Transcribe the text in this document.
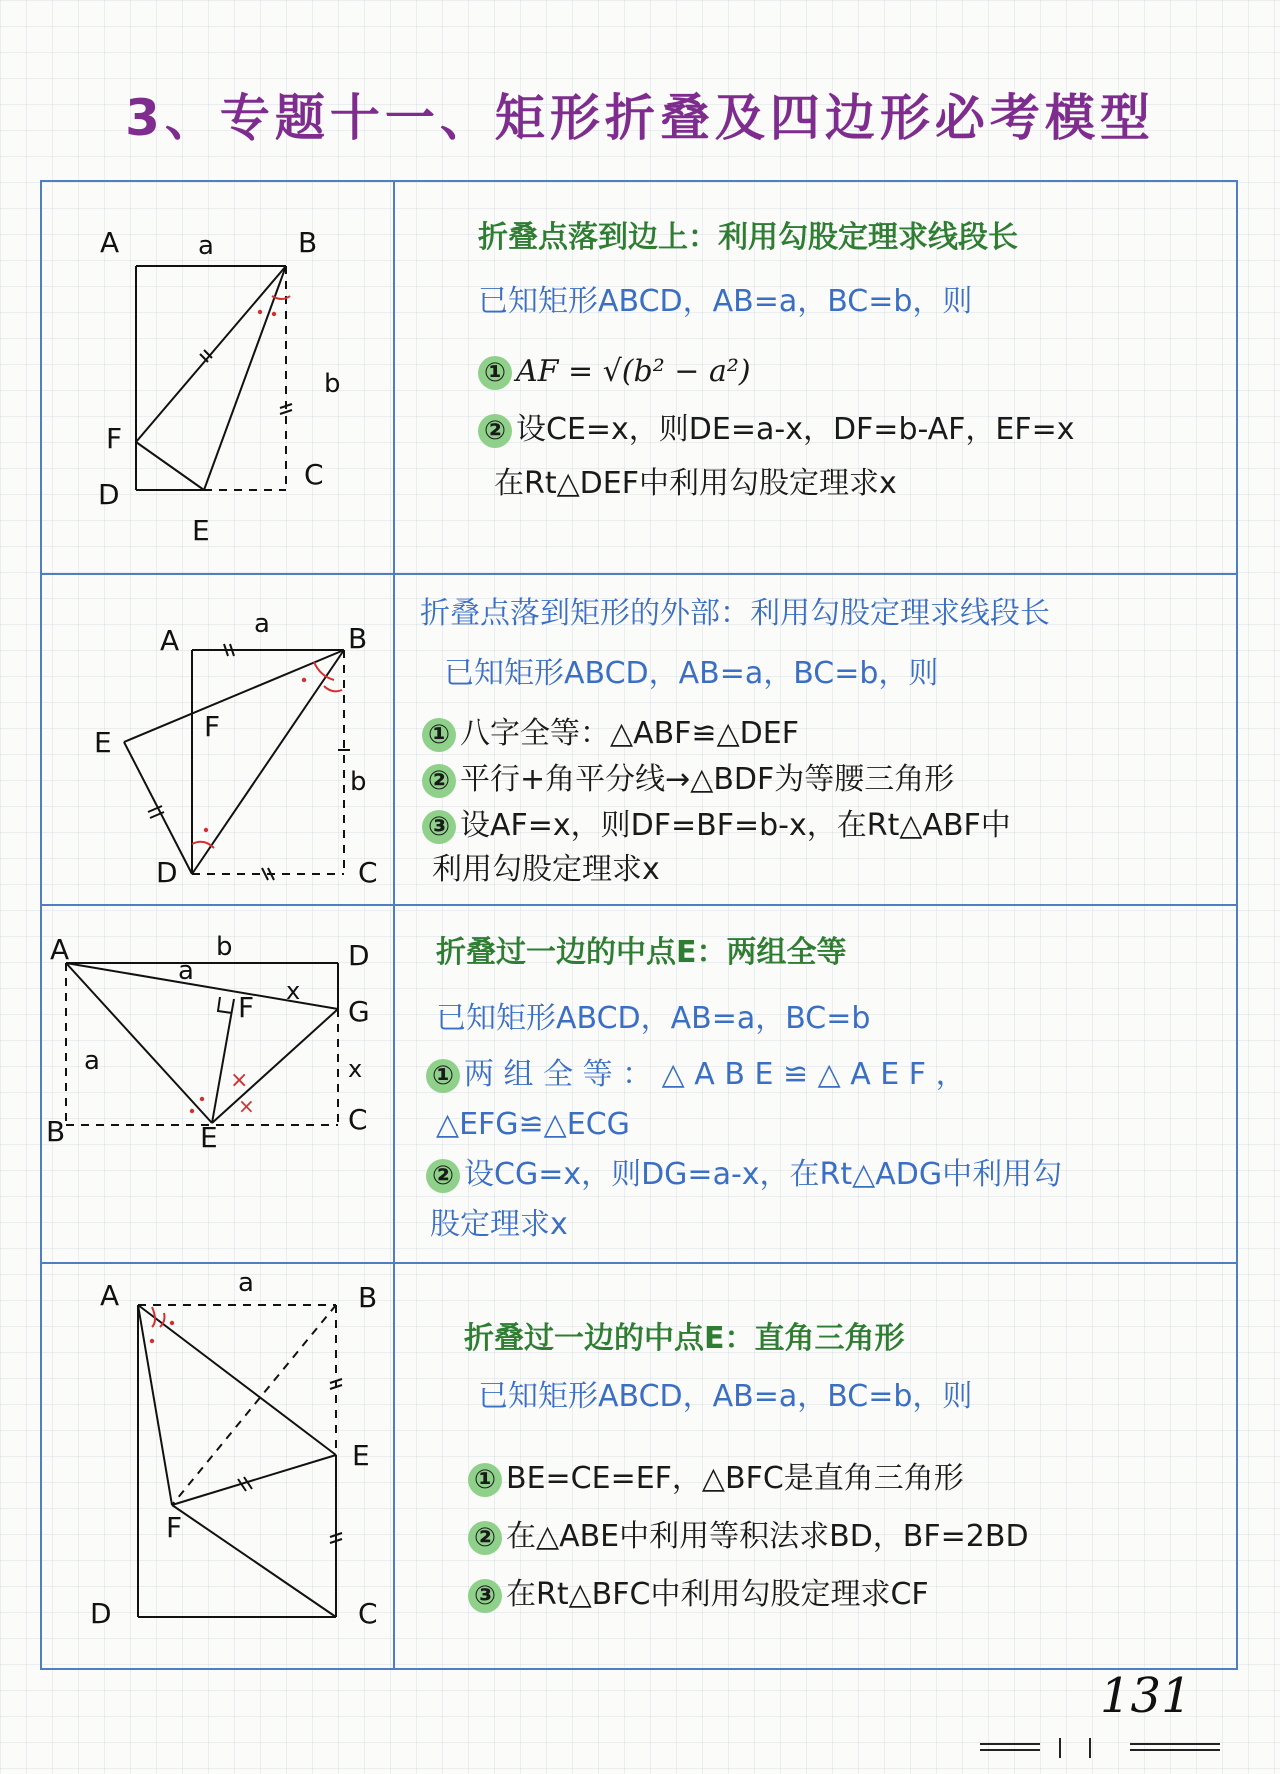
3、专题十一、矩形折叠及四边形必考模型
A	B
C
D
E
F
a
b
折叠点落到边上：利用勾股定理求线段长
已知矩形ABCD，AB=a，BC=b，则
① AF = √(b² − a²)
② 设CE=x，则DE=a-x，DF=b-AF，EF=x
在Rt△DEF中利用勾股定理求x
A	B
C
D
E	F
a
b
折叠点落到矩形的外部：利用勾股定理求线段长
已知矩形ABCD，AB=a，BC=b，则
① 八字全等：△ABF≌△DEF
② 平行+角平分线→△BDF为等腰三角形
③ 设AF=x，则DF=BF=b-x，在Rt△ABF中
利用勾股定理求x
×
×
A	D
G
C
B	E
F
b
a
a
x
x
折叠过一边的中点E：两组全等
已知矩形ABCD，AB=a，BC=b
① 两 组 全 等 ： △ A B E ≌ △ A E F ，
△EFG≌△ECG
② 设CG=x，则DG=a-x，在Rt△ADG中利用勾
股定理求x
A	B
E
C
D
F
a
折叠过一边的中点E：直角三角形
已知矩形ABCD，AB=a，BC=b，则
① BE=CE=EF，△BFC是直角三角形
② 在△ABE中利用等积法求BD，BF=2BD
③ 在Rt△BFC中利用勾股定理求CF
131
